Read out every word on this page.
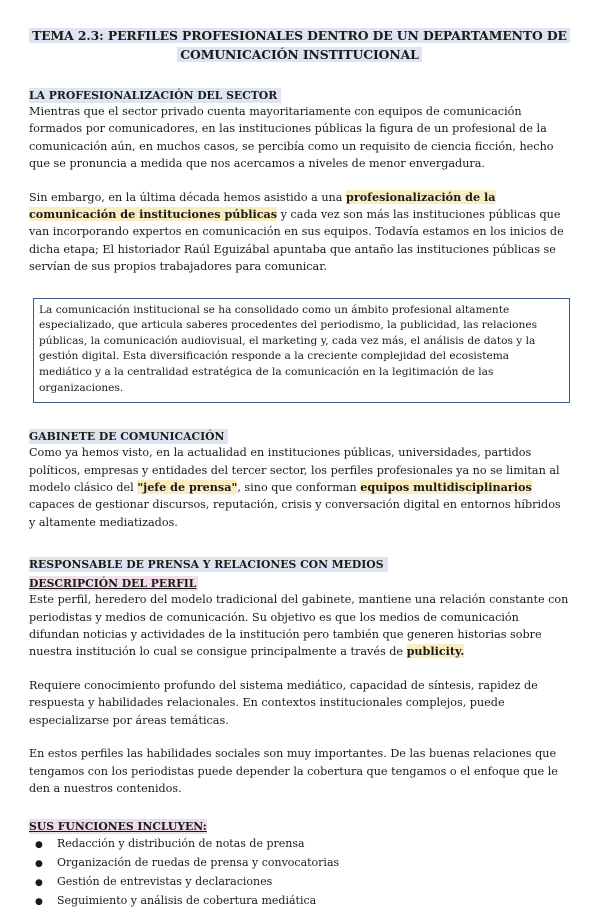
TEMA 2.3: PERFILES PROFESIONALES DENTRO DE UN DEPARTAMENTO DE
COMUNICACIÓN INSTITUCIONAL
LA PROFESIONALIZACIÓN DEL SECTOR

Mientras que el sector privado cuenta mayoritariamente con equipos de comunicación formados por comunicadores, en las instituciones públicas la figura de un profesional de la comunicación aún, en muchos casos, se percibía como un requisito de ciencia ficción, hecho que se pronuncia a medida que nos acercamos a niveles de menor envergadura.

Sin embargo, en la última década hemos asistido a una profesionalización de la comunicación de instituciones públicas y cada vez son más las instituciones públicas que van incorporando expertos en comunicación en sus equipos. Todavía estamos en los inicios de dicha etapa; El historiador Raúl Eguizábal apuntaba que antaño las instituciones públicas se servían de sus propios trabajadores para comunicar.

La comunicación institucional se ha consolidado como un ámbito profesional altamente especializado, que articula saberes procedentes del periodismo, la publicidad, las relaciones públicas, la comunicación audiovisual, el marketing y, cada vez más, el análisis de datos y la gestión digital. Esta diversificación responde a la creciente complejidad del ecosistema mediático y a la centralidad estratégica de la comunicación en la legitimación de las organizaciones.
GABINETE DE COMUNICACIÓN

Como ya hemos visto, en la actualidad en instituciones públicas, universidades, partidos políticos, empresas y entidades del tercer sector, los perfiles profesionales ya no se limitan al modelo clásico del "jefe de prensa", sino que conforman equipos multidisciplinarios capaces de gestionar discursos, reputación, crisis y conversación digital en entornos híbridos y altamente mediatizados.

RESPONSABLE DE PRENSA Y RELACIONES CON MEDIOS
DESCRIPCIÓN DEL PERFIL

Este perfil, heredero del modelo tradicional del gabinete, mantiene una relación constante con periodistas y medios de comunicación. Su objetivo es que los medios de comunicación difundan noticias y actividades de la institución pero también que generen historias sobre nuestra institución lo cual se consigue principalmente a través de publicity.

Requiere conocimiento profundo del sistema mediático, capacidad de síntesis, rapidez de respuesta y habilidades relacionales. En contextos institucionales complejos, puede especializarse por áreas temáticas.

En estos perfiles las habilidades sociales son muy importantes. De las buenas relaciones que tengamos con los periodistas puede depender la cobertura que tengamos o el enfoque que le den a nuestros contenidos.

SUS FUNCIONES INCLUYEN:
●	Redacción y distribución de notas de prensa
●	Organización de ruedas de prensa y convocatorias
●	Gestión de entrevistas y declaraciones
●	Seguimiento y análisis de cobertura mediática
